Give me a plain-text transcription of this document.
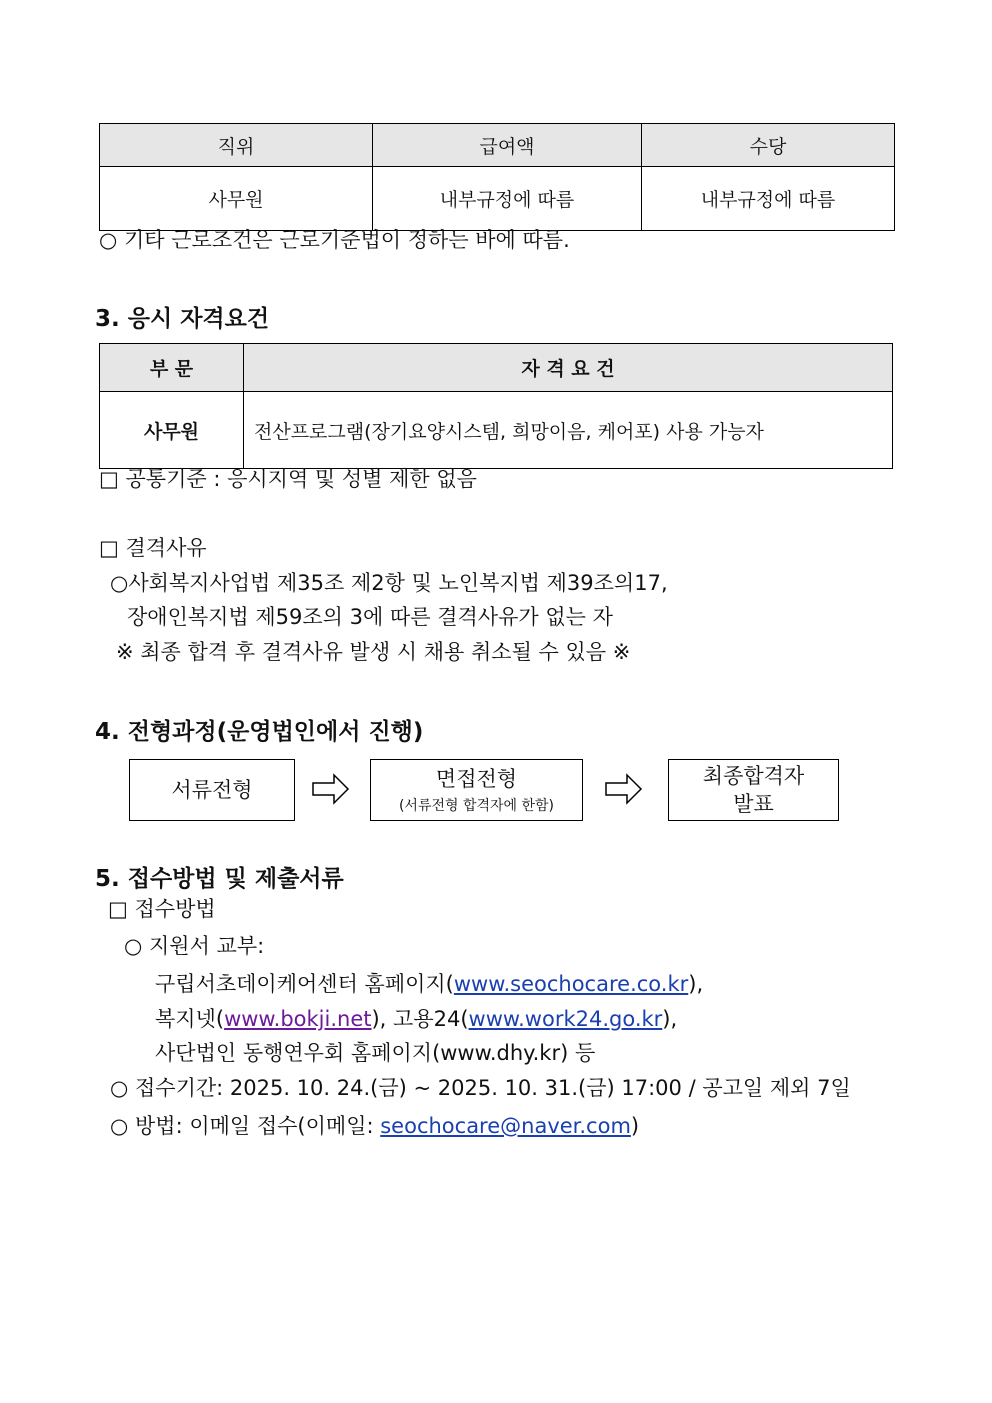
직위	급여액	수당
사무원	내부규정에 따름	내부규정에 따름
○ 기타 근로조건은 근로기준법이 정하는 바에 따름.
3. 응시 자격요건
부 문	자 격 요 건
사무원	전산프로그램(장기요양시스템, 희망이음, 케어포) 사용 가능자
□ 공통기준 : 응시지역 및 성별 제한 없음
□ 결격사유
○사회복지사업법 제35조 제2항 및 노인복지법 제39조의17,
장애인복지법 제59조의 3에 따른 결격사유가 없는 자
※ 최종 합격 후 결격사유 발생 시 채용 취소될 수 있음 ※
4. 전형과정(운영법인에서 진행)
서류전형	면접전형
(서류전형 합격자에 한함)
최종합격자
발표
5. 접수방법 및 제출서류
□ 접수방법
○ 지원서 교부:
구립서초데이케어센터 홈페이지(www.seochocare.co.kr),
복지넷(www.bokji.net), 고용24(www.work24.go.kr),
사단법인 동행연우회 홈페이지(www.dhy.kr) 등
○ 접수기간: 2025. 10. 24.(금) ~ 2025. 10. 31.(금) 17:00 / 공고일 제외 7일
○ 방법: 이메일 접수(이메일: seochocare@naver.com)
